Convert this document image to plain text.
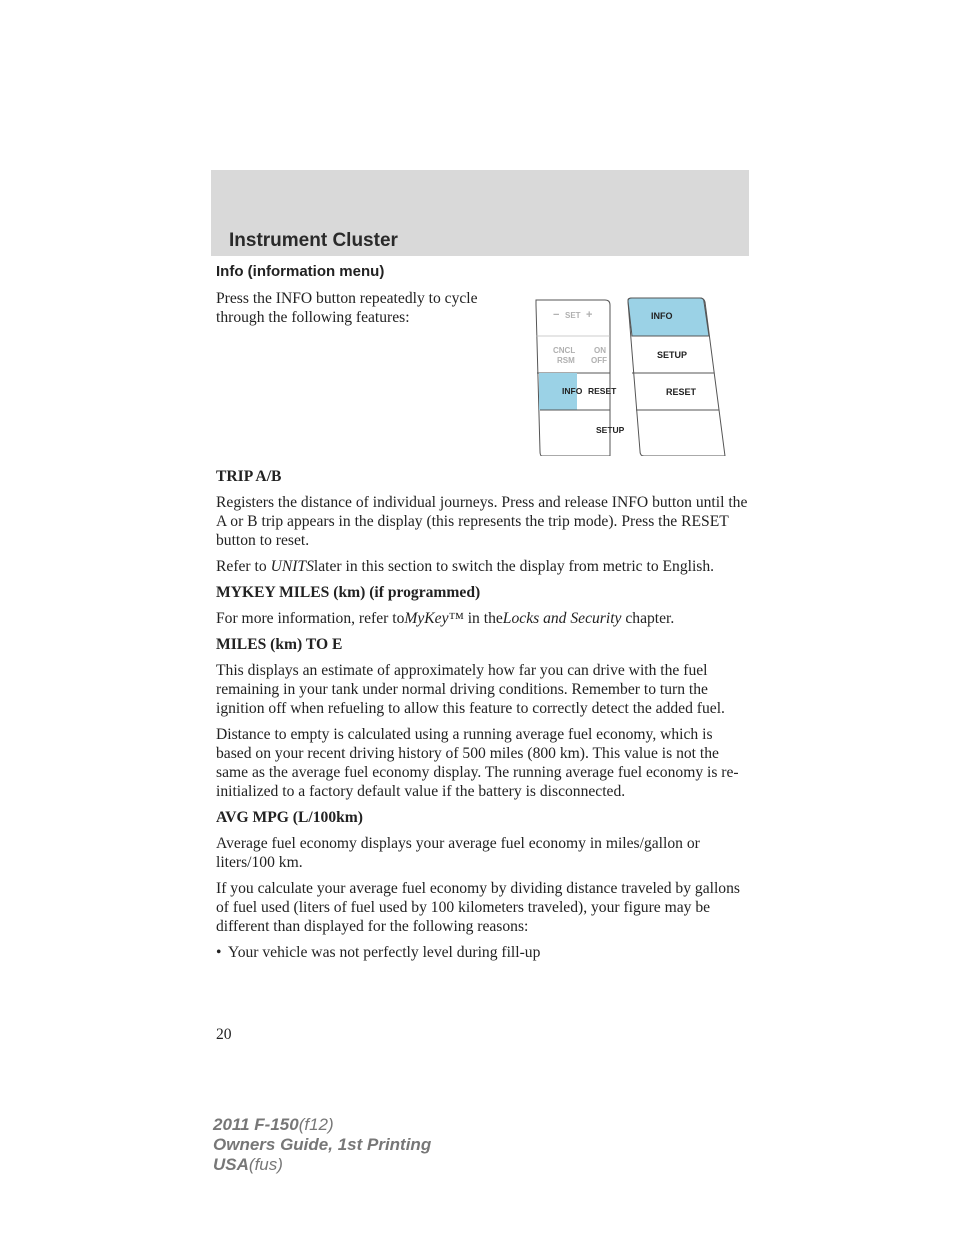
Instrument Cluster

Info (information menu)

Press the INFO button repeatedly to cycle through the following features:

TRIP A/B

Registers the distance of individual journeys. Press and release INFO button until the A or B trip appears in the display (this represents the trip mode). Press the RESET button to reset.

Refer to UNITSlater in this section to switch the display from metric to English.

MYKEY MILES (km) (if programmed)

For more information, refer toMyKey™ in theLocks and Security chapter.

MILES (km) TO E

This displays an estimate of approximately how far you can drive with the fuel remaining in your tank under normal driving conditions. Remember to turn the ignition off when refueling to allow this feature to correctly detect the added fuel.

Distance to empty is calculated using a running average fuel economy, which is based on your recent driving history of 500 miles (800 km). This value is not the same as the average fuel economy display. The running average fuel economy is re-initialized to a factory default value if the battery is disconnected.

AVG MPG (L/100km)

Average fuel economy displays your average fuel economy in miles/gallon or liters/100 km.

If you calculate your average fuel economy by dividing distance traveled by gallons of fuel used (liters of fuel used by 100 kilometers traveled), your figure may be different than displayed for the following reasons:

• Your vehicle was not perfectly level during fill-up

− SET +
CNCL
RSM
ON
OFF
INFO RESET
SETUP
INFO
SETUP
RESET
20
2011 F-150(f12)
Owners Guide, 1st Printing
USA(fus)
